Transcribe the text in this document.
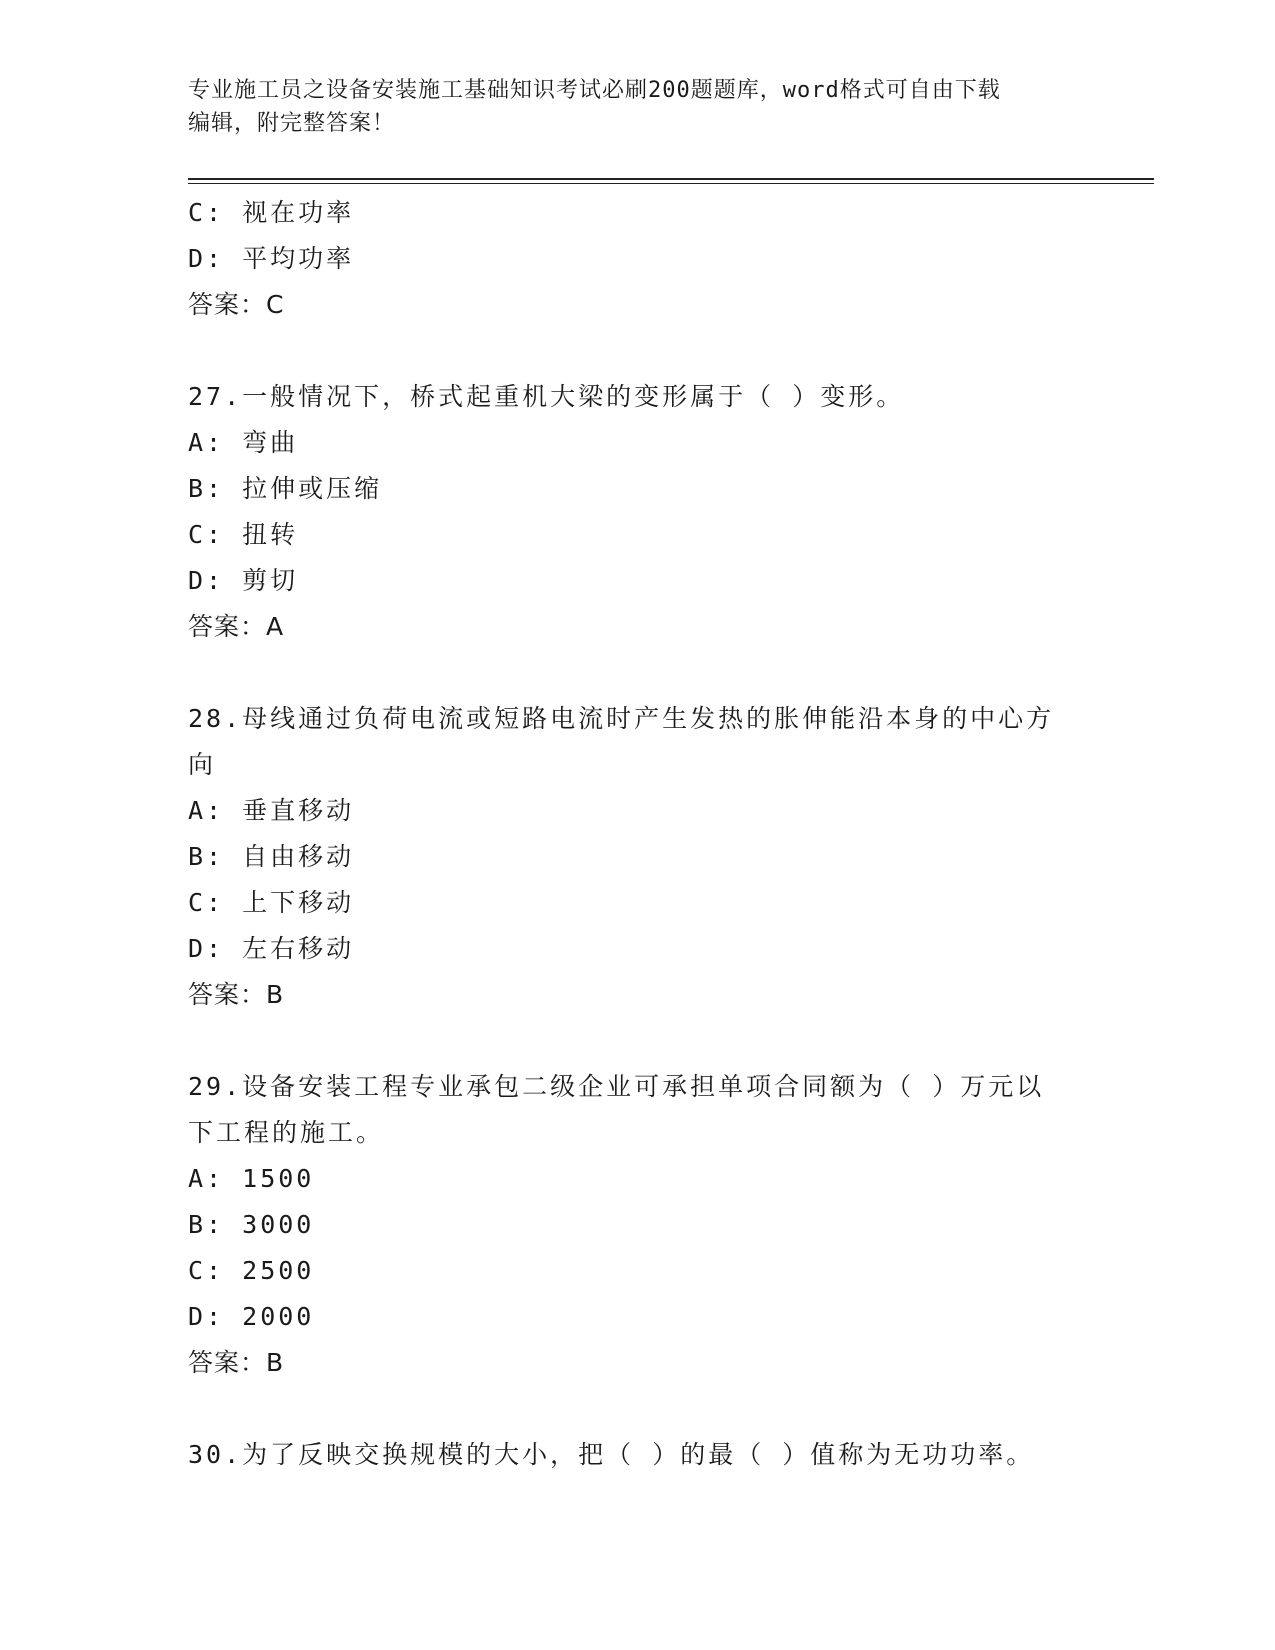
专业施工员之设备安装施工基础知识考试必刷200题题库，word格式可自由下载
编辑，附完整答案！
C: 视在功率
D: 平均功率
答案：C
27.一般情况下，桥式起重机大梁的变形属于（ ）变形。
A: 弯曲
B: 拉伸或压缩
C: 扭转
D: 剪切
答案：A
28.母线通过负荷电流或短路电流时产生发热的胀伸能沿本身的中心方
向
A: 垂直移动
B: 自由移动
C: 上下移动
D: 左右移动
答案：B
29.设备安装工程专业承包二级企业可承担单项合同额为（ ）万元以
下工程的施工。
A: 1500
B: 3000
C: 2500
D: 2000
答案：B
30.为了反映交换规模的大小，把（ ）的最（ ）值称为无功功率。
